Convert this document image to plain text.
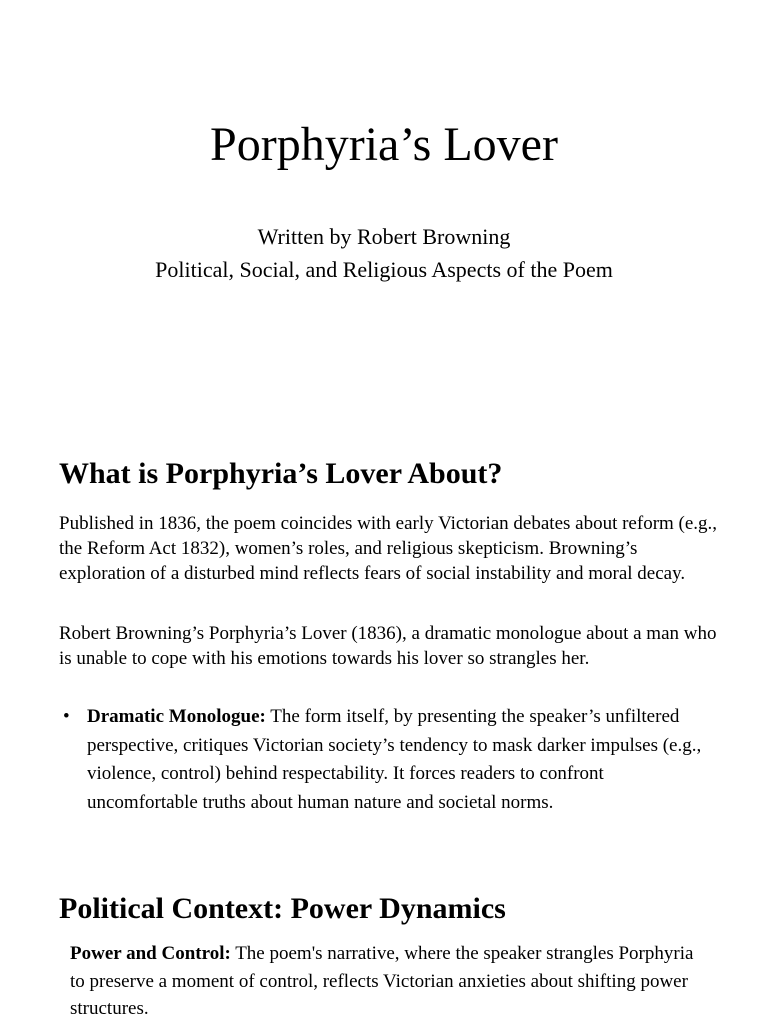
Porphyria’s Lover

Written by Robert Browning

Political, Social, and Religious Aspects of the Poem

What is Porphyria’s Lover About?

Published in 1836, the poem coincides with early Victorian debates about reform (e.g., the Reform Act 1832), women’s roles, and religious skepticism. Browning’s exploration of a disturbed mind reflects fears of social instability and moral decay.

Robert Browning’s Porphyria’s Lover (1836), a dramatic monologue about a man who is unable to cope with his emotions towards his lover so strangles her.

• Dramatic Monologue: The form itself, by presenting the speaker’s unfiltered perspective, critiques Victorian society’s tendency to mask darker impulses (e.g., violence, control) behind respectability. It forces readers to confront uncomfortable truths about human nature and societal norms.
Political Context: Power Dynamics

Power and Control: The poem's narrative, where the speaker strangles Porphyria to preserve a moment of control, reflects Victorian anxieties about shifting power structures.
